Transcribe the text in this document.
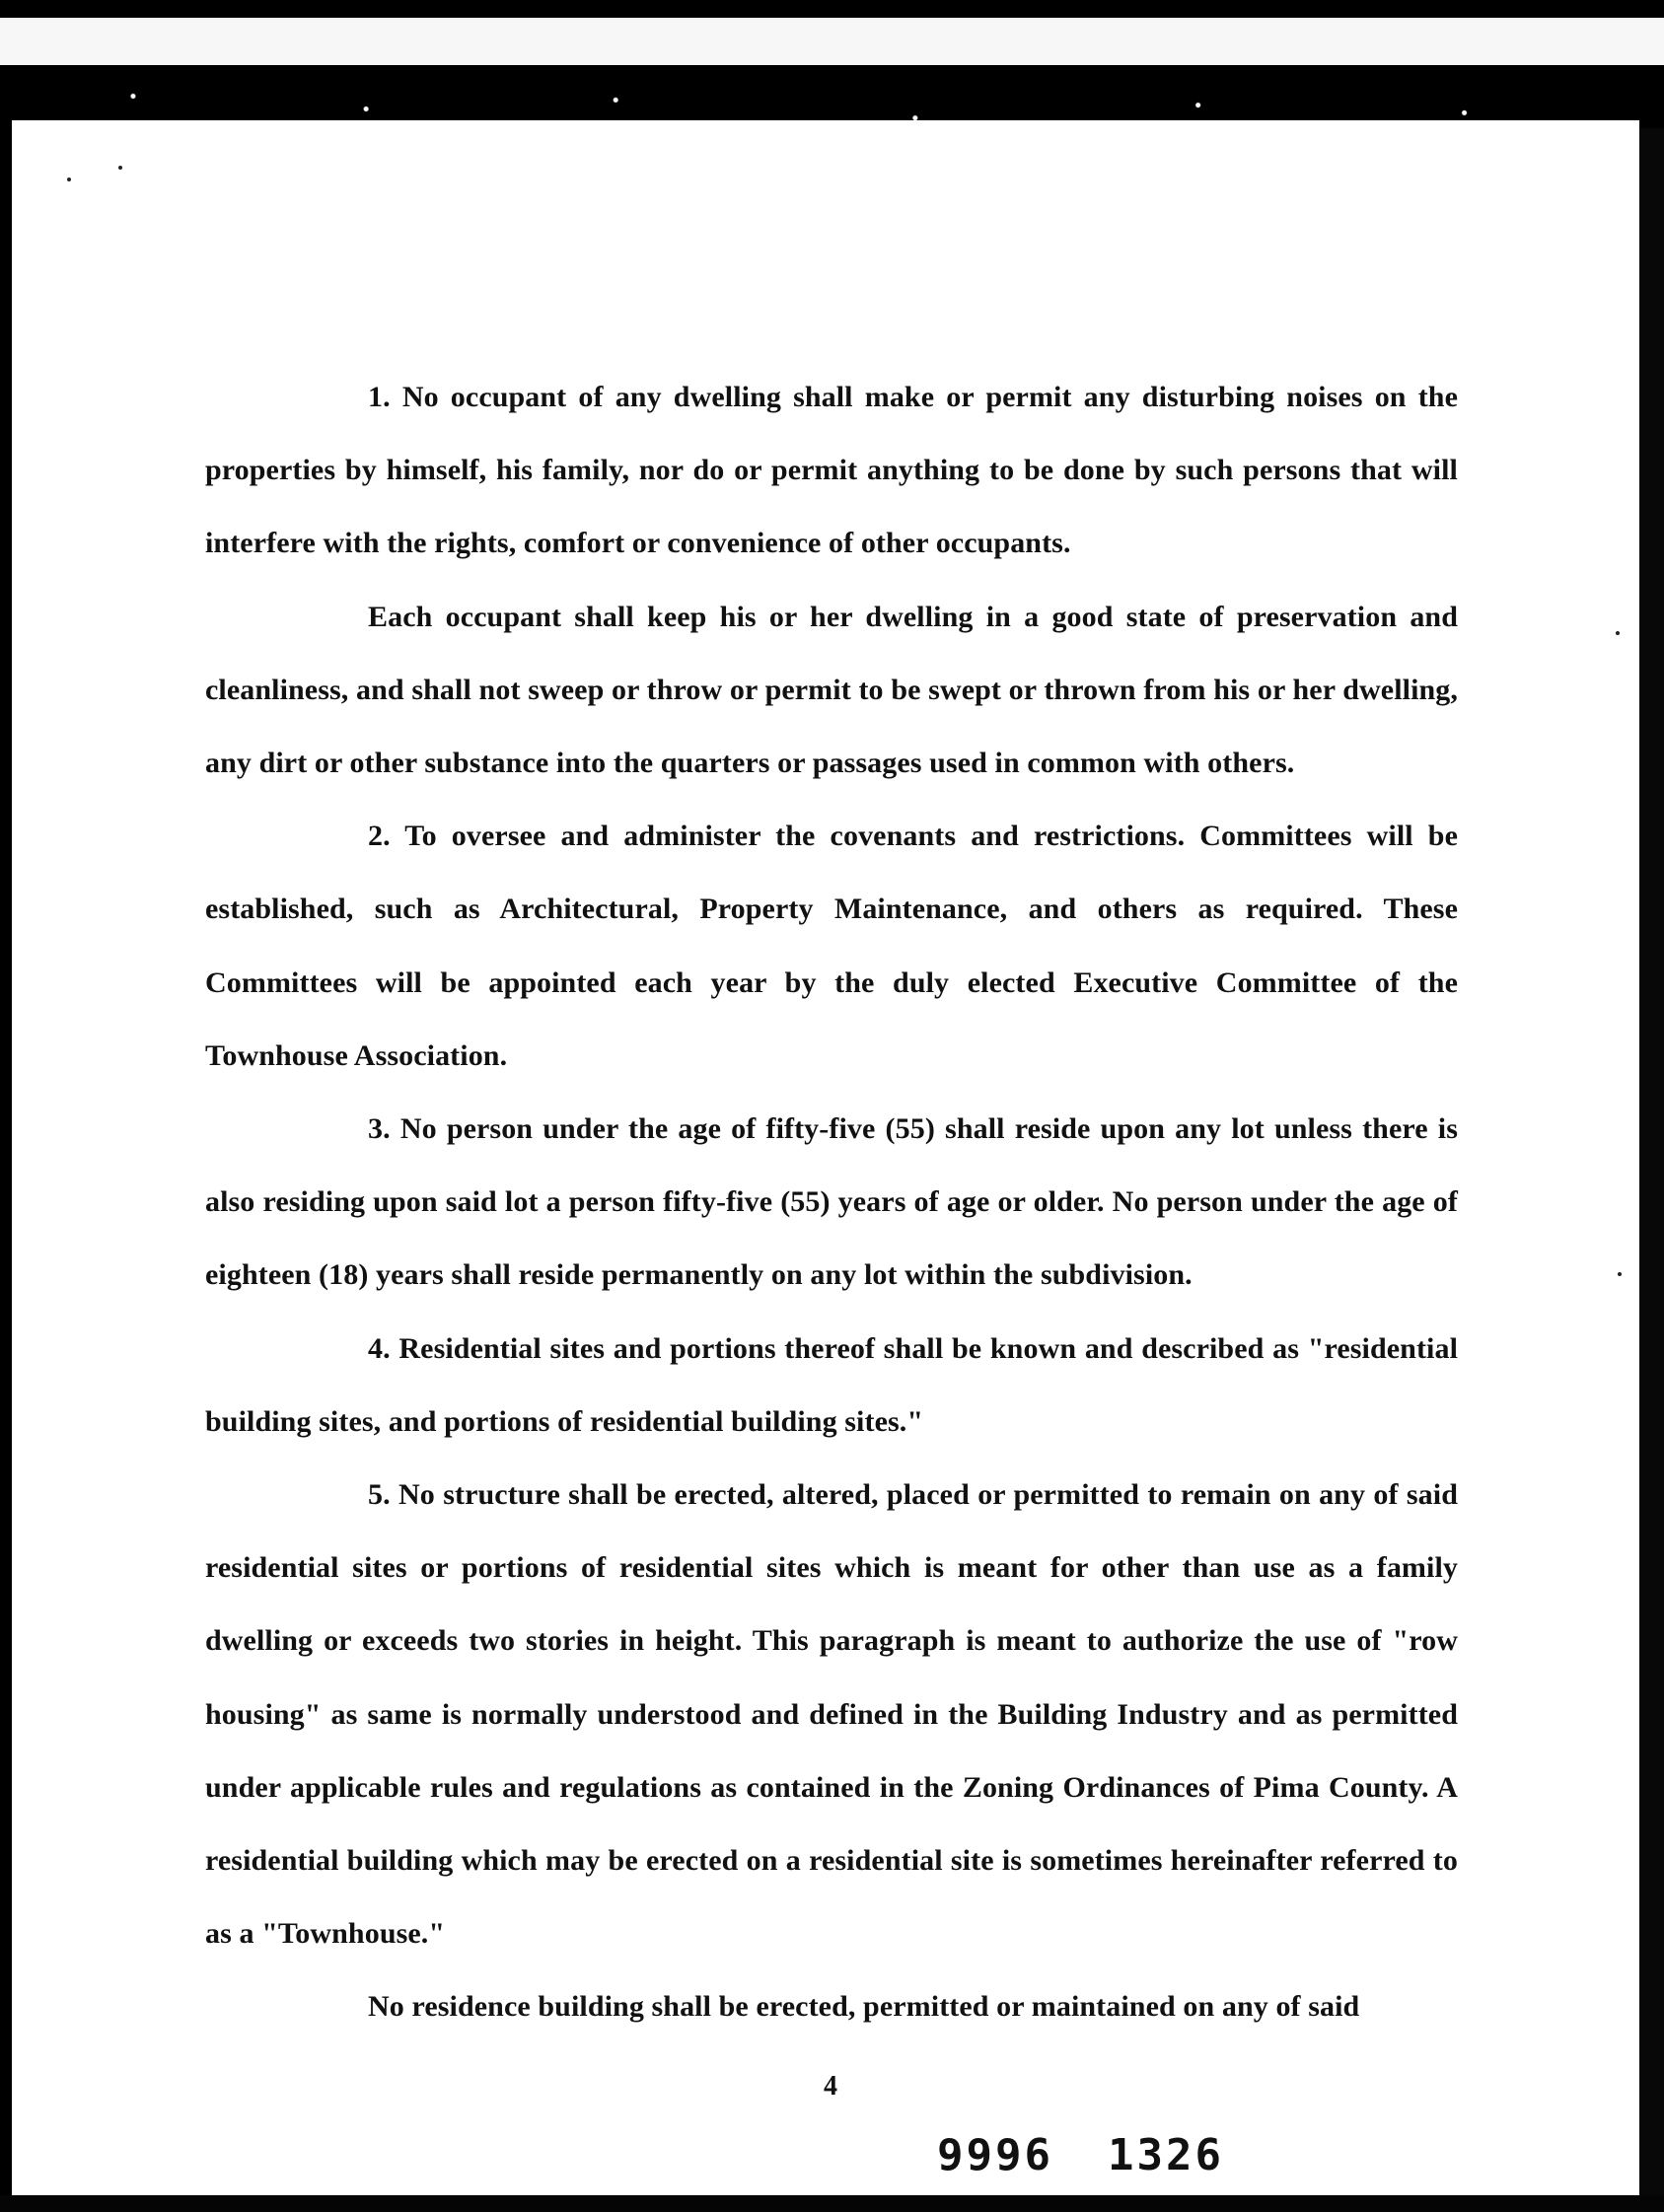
1. No occupant of any dwelling shall make or permit any disturbing noises on the properties by himself, his family, nor do or permit anything to be done by such persons that will interfere with the rights, comfort or convenience of other occupants.

Each occupant shall keep his or her dwelling in a good state of preservation and cleanliness, and shall not sweep or throw or permit to be swept or thrown from his or her dwelling, any dirt or other substance into the quarters or passages used in common with others.

2. To oversee and administer the covenants and restrictions. Committees will be established, such as Architectural, Property Maintenance, and others as required. These Committees will be appointed each year by the duly elected Executive Committee of the Townhouse Association.

3. No person under the age of fifty-five (55) shall reside upon any lot unless there is also residing upon said lot a person fifty-five (55) years of age or older. No person under the age of eighteen (18) years shall reside permanently on any lot within the subdivision.

4. Residential sites and portions thereof shall be known and described as "residential building sites, and portions of residential building sites."

5. No structure shall be erected, altered, placed or permitted to remain on any of said residential sites or portions of residential sites which is meant for other than use as a family dwelling or exceeds two stories in height. This paragraph is meant to authorize the use of "row housing" as same is normally understood and defined in the Building Industry and as permitted under applicable rules and regulations as contained in the Zoning Ordinances of Pima County. A residential building which may be erected on a residential site is sometimes hereinafter referred to as a "Townhouse."

No residence building shall be erected, permitted or maintained on any of said

4
9996 1326
